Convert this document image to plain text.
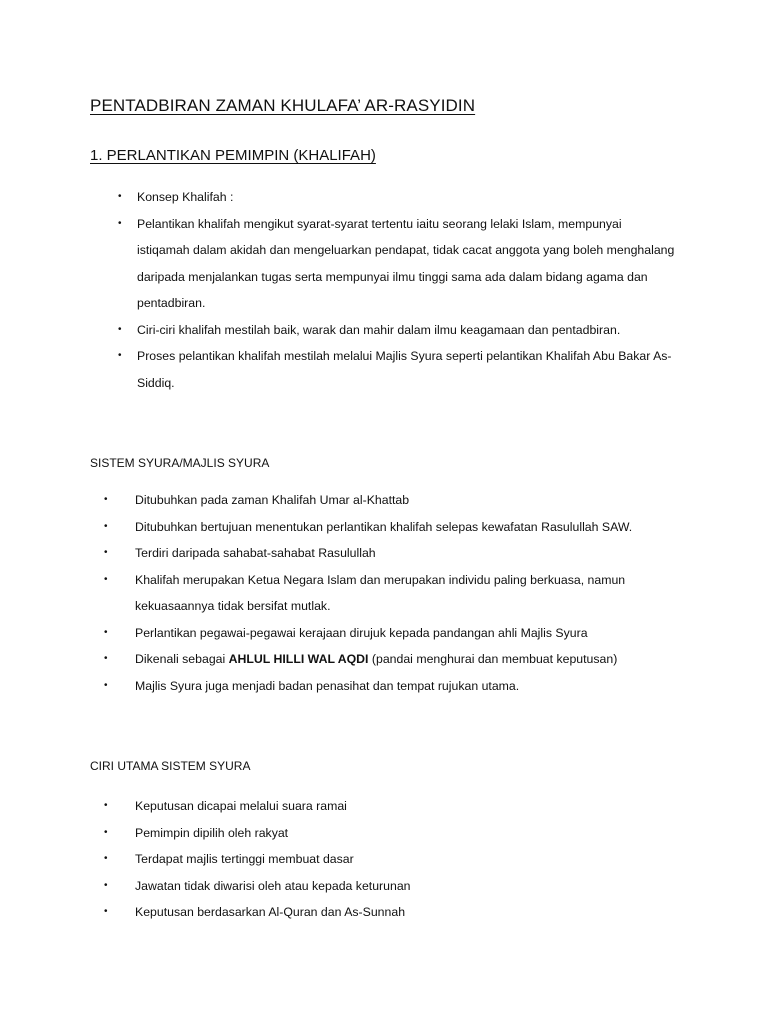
PENTADBIRAN ZAMAN KHULAFA’ AR-RASYIDIN
1. PERLANTIKAN PEMIMPIN (KHALIFAH)
• Konsep Khalifah :
• Pelantikan khalifah mengikut syarat-syarat tertentu iaitu seorang lelaki Islam, mempunyai istiqamah dalam akidah dan mengeluarkan pendapat, tidak cacat anggota yang boleh menghalang daripada menjalankan tugas serta mempunyai ilmu tinggi sama ada dalam bidang agama dan pentadbiran.
• Ciri-ciri khalifah mestilah baik, warak dan mahir dalam ilmu keagamaan dan pentadbiran.
• Proses pelantikan khalifah mestilah melalui Majlis Syura seperti pelantikan Khalifah Abu Bakar As-Siddiq.
SISTEM SYURA/MAJLIS SYURA
• Ditubuhkan pada zaman Khalifah Umar al-Khattab
• Ditubuhkan bertujuan menentukan perlantikan khalifah selepas kewafatan Rasulullah SAW.
• Terdiri daripada sahabat-sahabat Rasulullah
• Khalifah merupakan Ketua Negara Islam dan merupakan individu paling berkuasa, namun kekuasaannya tidak bersifat mutlak.
• Perlantikan pegawai-pegawai kerajaan dirujuk kepada pandangan ahli Majlis Syura
• Dikenali sebagai AHLUL HILLI WAL AQDI (pandai menghurai dan membuat keputusan)
• Majlis Syura juga menjadi badan penasihat dan tempat rujukan utama.
CIRI UTAMA SISTEM SYURA
• Keputusan dicapai melalui suara ramai
• Pemimpin dipilih oleh rakyat
• Terdapat majlis tertinggi membuat dasar
• Jawatan tidak diwarisi oleh atau kepada keturunan
• Keputusan berdasarkan Al-Quran dan As-Sunnah
